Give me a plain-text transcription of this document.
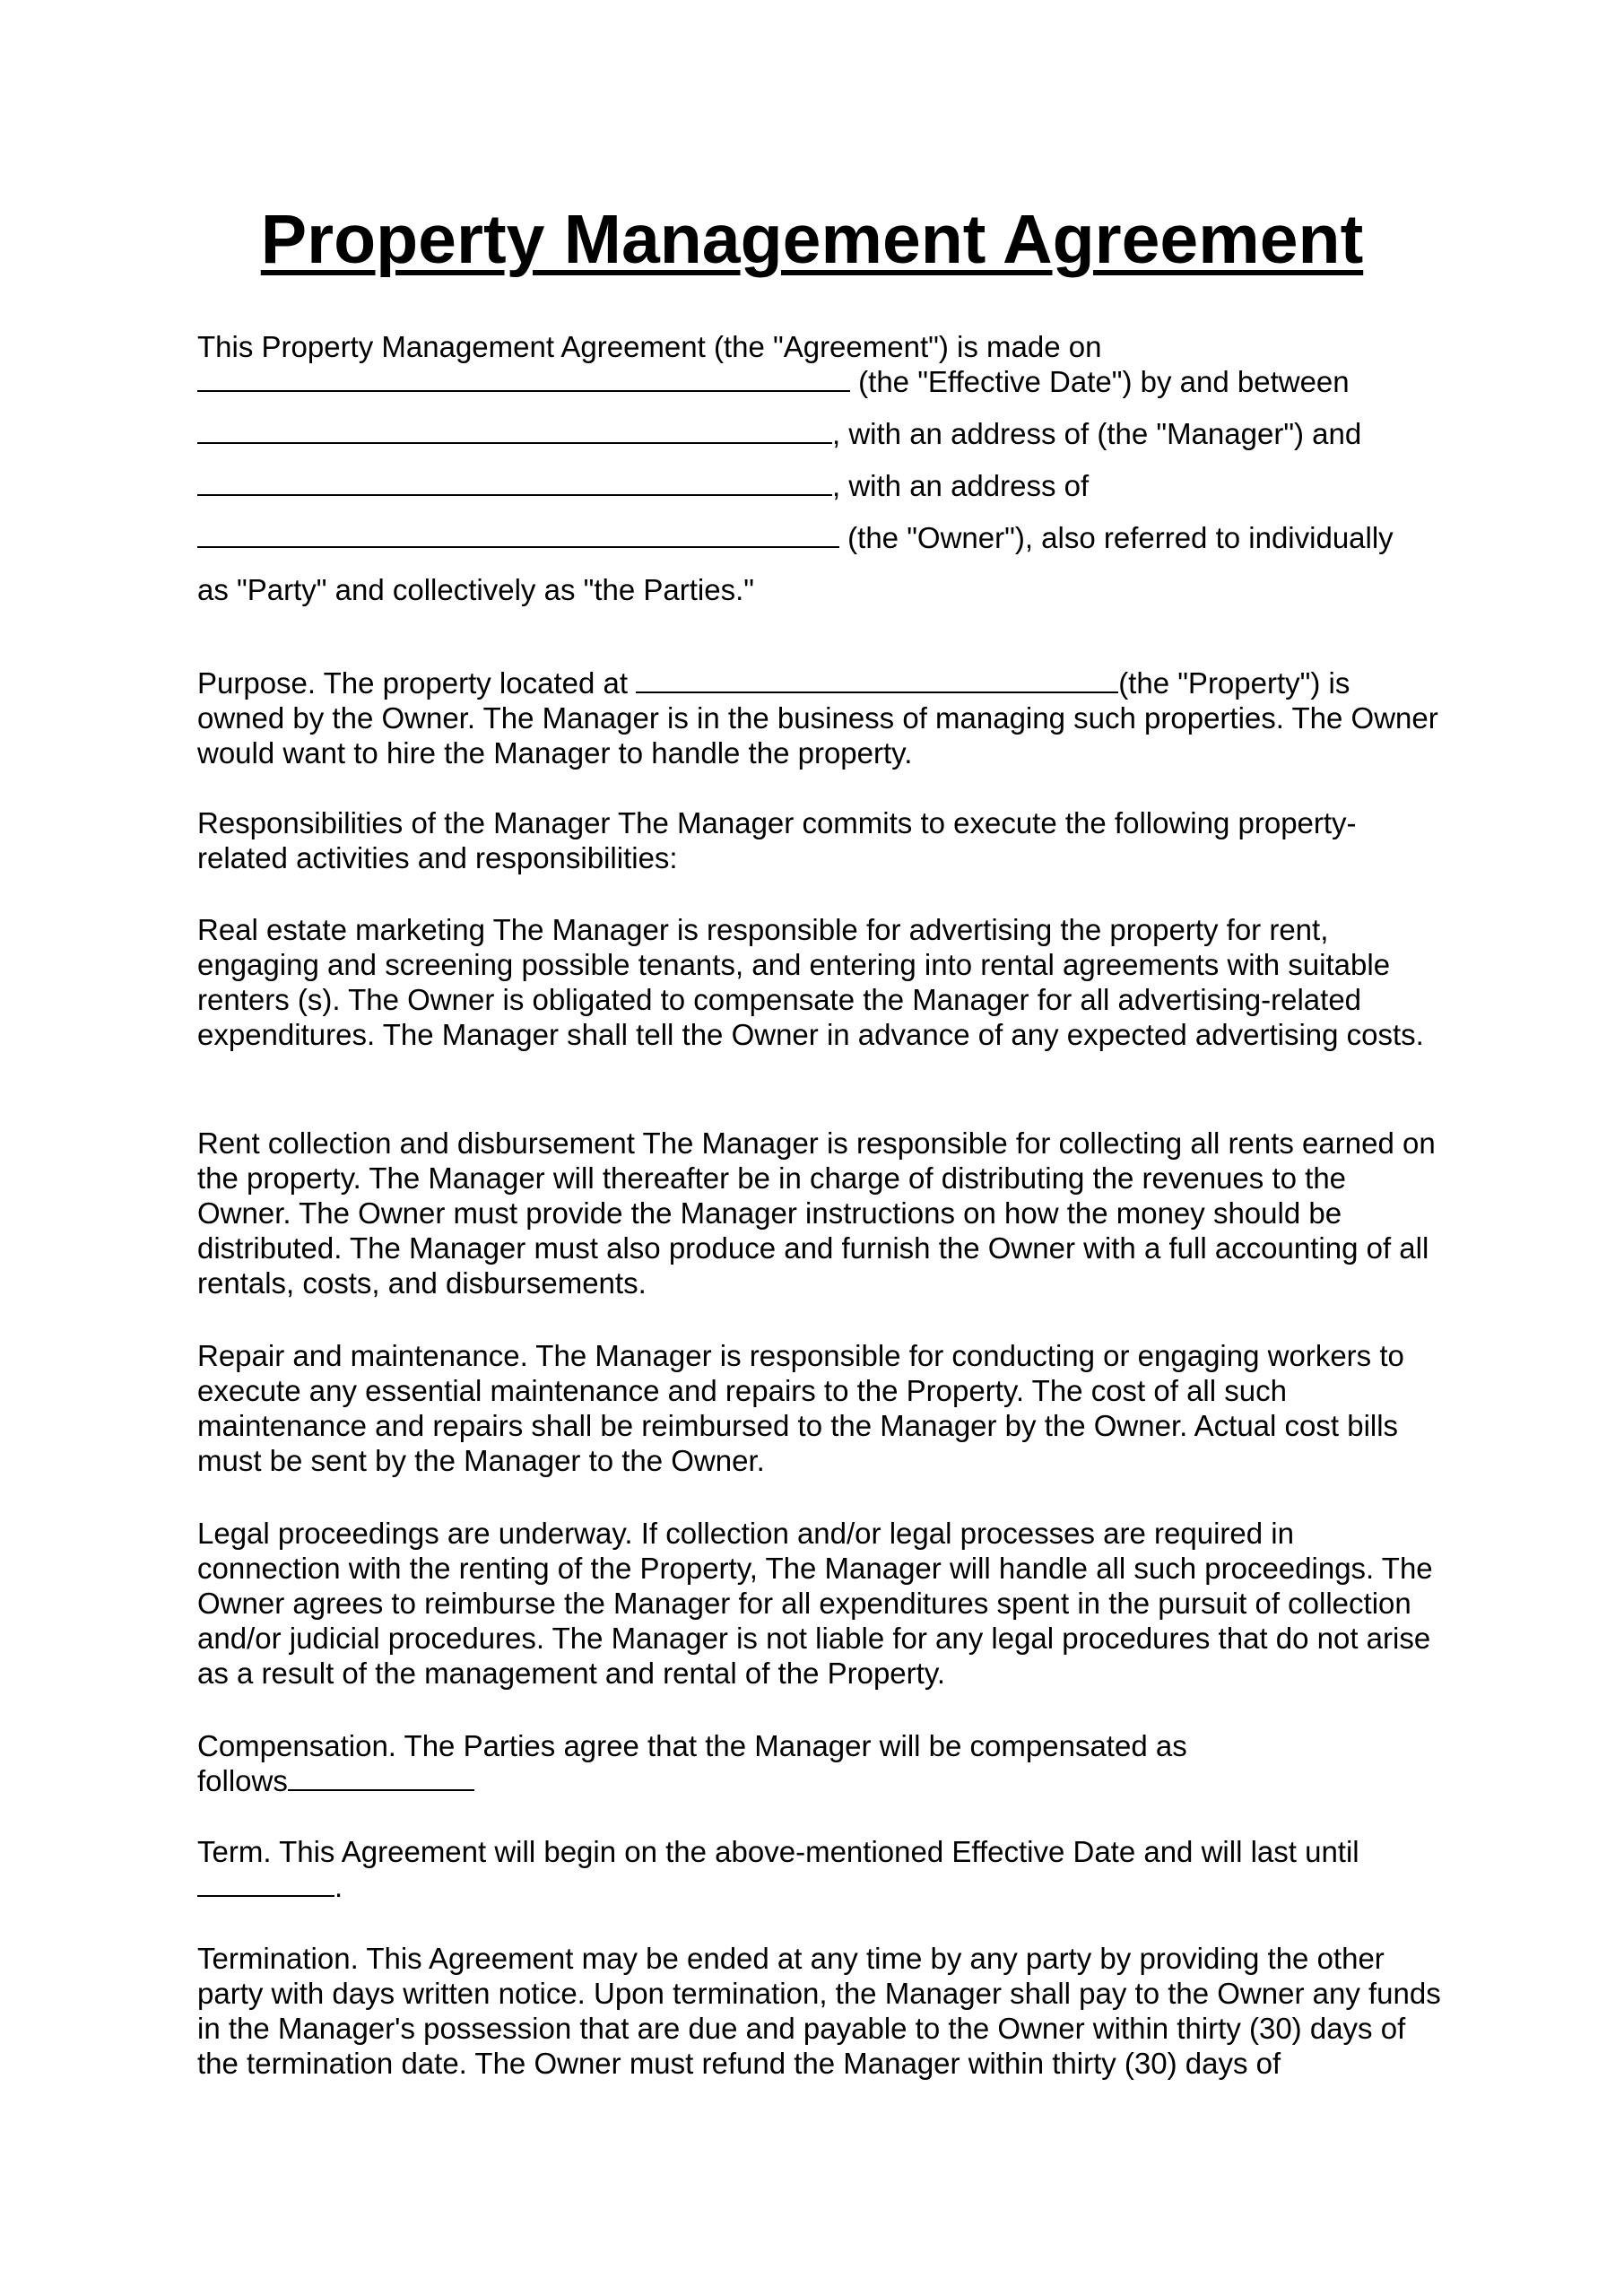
Property Management Agreement
This Property Management Agreement (the "Agreement") is made on
(the "Effective Date") by and between
, with an address of (the "Manager") and
, with an address of
(the "Owner"), also referred to individually
as "Party" and collectively as "the Parties."
Purpose. The property located at	(the "Property") is
owned by the Owner. The Manager is in the business of managing such properties. The Owner would want to hire the Manager to handle the property.

Responsibilities of the Manager The Manager commits to execute the following property-related activities and responsibilities:

Real estate marketing The Manager is responsible for advertising the property for rent, engaging and screening possible tenants, and entering into rental agreements with suitable renters (s). The Owner is obligated to compensate the Manager for all advertising-related expenditures. The Manager shall tell the Owner in advance of any expected advertising costs.

Rent collection and disbursement The Manager is responsible for collecting all rents earned on the property. The Manager will thereafter be in charge of distributing the revenues to the Owner. The Owner must provide the Manager instructions on how the money should be distributed. The Manager must also produce and furnish the Owner with a full accounting of all rentals, costs, and disbursements.

Repair and maintenance. The Manager is responsible for conducting or engaging workers to execute any essential maintenance and repairs to the Property. The cost of all such maintenance and repairs shall be reimbursed to the Manager by the Owner. Actual cost bills must be sent by the Manager to the Owner.

Legal proceedings are underway. If collection and/or legal processes are required in connection with the renting of the Property, The Manager will handle all such proceedings. The Owner agrees to reimburse the Manager for all expenditures spent in the pursuit of collection and/or judicial procedures. The Manager is not liable for any legal procedures that do not arise as a result of the management and rental of the Property.

Compensation. The Parties agree that the Manager will be compensated as
follows
Term. This Agreement will begin on the above-mentioned Effective Date and will last until
.

Termination. This Agreement may be ended at any time by any party by providing the other party with days written notice. Upon termination, the Manager shall pay to the Owner any funds in the Manager's possession that are due and payable to the Owner within thirty (30) days of the termination date. The Owner must refund the Manager within thirty (30) days of
